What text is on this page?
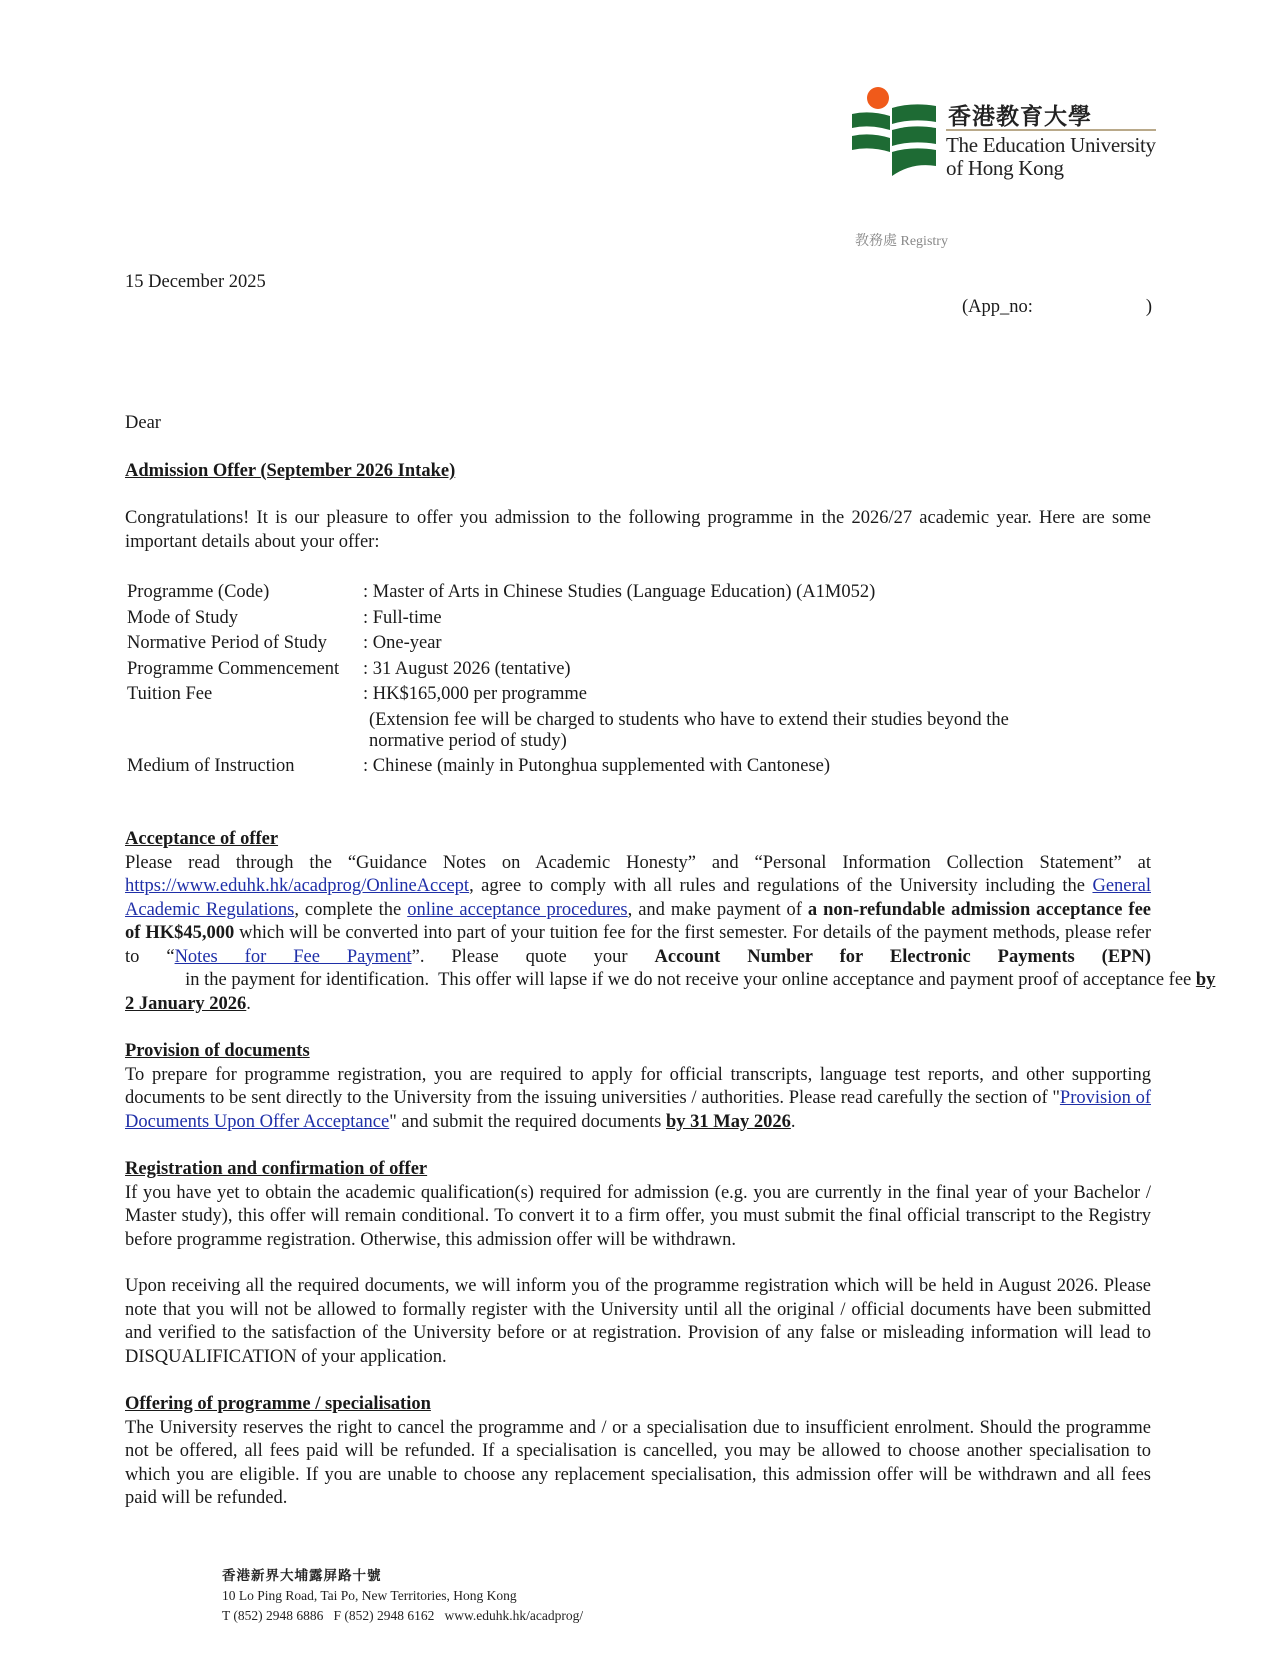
香港教育大學
The Education University
of Hong Kong
教務處 Registry
15 December 2025
(App_no:	)
Dear
Admission Offer (September 2026 Intake)
Congratulations! It is our pleasure to offer you admission to the following programme in the 2026/27 academic year. Here are some important details about your offer:
Programme (Code)	: Master of Arts in Chinese Studies (Language Education) (A1M052)
Mode of Study	: Full-time
Normative Period of Study	: One-year
Programme Commencement	: 31 August 2026 (tentative)
Tuition Fee	: HK$165,000 per programme
(Extension fee will be charged to students who have to extend their studies beyond the normative period of study)
Medium of Instruction	: Chinese (mainly in Putonghua supplemented with Cantonese)
Acceptance of offer
Please read through the “Guidance Notes on Academic Honesty” and “Personal Information Collection Statement” at https://www.eduhk.hk/acadprog/OnlineAccept, agree to comply with all rules and regulations of the University including the General Academic Regulations, complete the online acceptance procedures, and make payment of a non-refundable admission acceptance fee of HK$45,000 which will be converted into part of your tuition fee for the first semester. For details of the payment methods, please refer to “Notes for Fee Payment”. Please quote your Account Number for Electronic Payments (EPN)             in the payment for identification.  This offer will lapse if we do not receive your online acceptance and payment proof of acceptance fee by 2 January 2026.
Provision of documents
To prepare for programme registration, you are required to apply for official transcripts, language test reports, and other supporting documents to be sent directly to the University from the issuing universities / authorities. Please read carefully the section of "Provision of Documents Upon Offer Acceptance" and submit the required documents by 31 May 2026.
Registration and confirmation of offer
If you have yet to obtain the academic qualification(s) required for admission (e.g. you are currently in the final year of your Bachelor / Master study), this offer will remain conditional. To convert it to a firm offer, you must submit the final official transcript to the Registry before programme registration. Otherwise, this admission offer will be withdrawn.
Upon receiving all the required documents, we will inform you of the programme registration which will be held in August 2026. Please note that you will not be allowed to formally register with the University until all the original / official documents have been submitted and verified to the satisfaction of the University before or at registration. Provision of any false or misleading information will lead to DISQUALIFICATION of your application.
Offering of programme / specialisation
The University reserves the right to cancel the programme and / or a specialisation due to insufficient enrolment. Should the programme not be offered, all fees paid will be refunded. If a specialisation is cancelled, you may be allowed to choose another specialisation to which you are eligible. If you are unable to choose any replacement specialisation, this admission offer will be withdrawn and all fees paid will be refunded.
香港新界大埔露屏路十號
10 Lo Ping Road, Tai Po, New Territories, Hong Kong
T (852) 2948 6886   F (852) 2948 6162   www.eduhk.hk/acadprog/
